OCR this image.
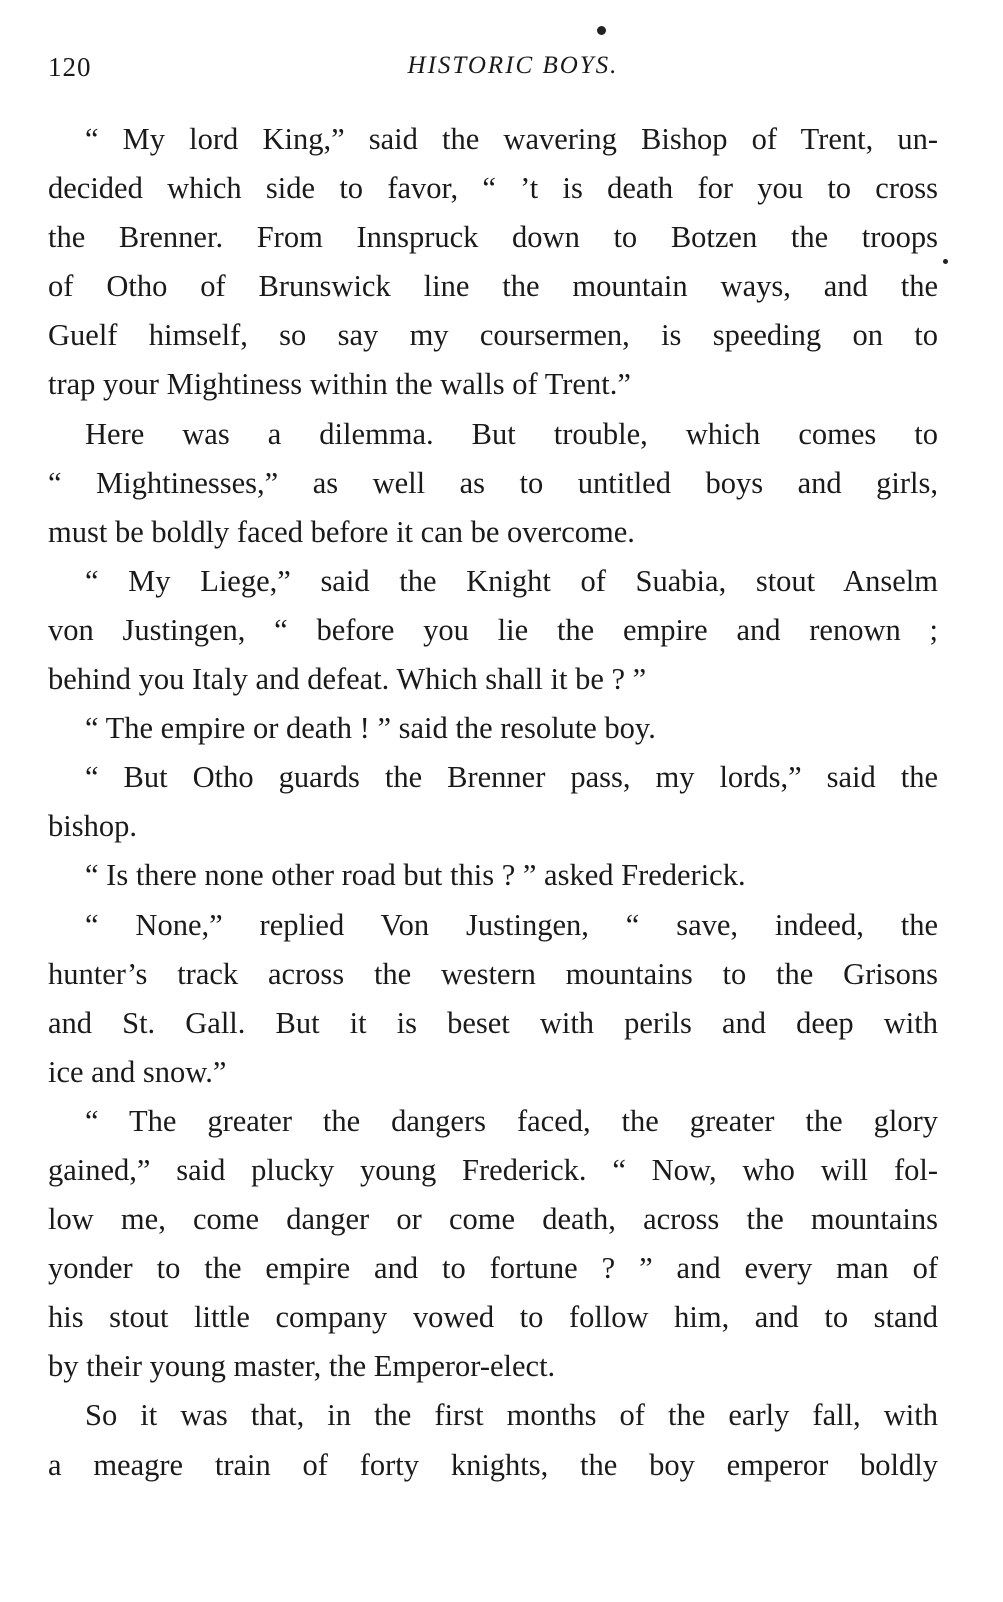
120	HISTORIC BOYS.
“ My lord King,” said the wavering Bishop of Trent, un-
decided which side to favor, “ ’t is death for you to cross
the Brenner. From Innspruck down to Botzen the troops
of Otho of Brunswick line the mountain ways, and the
Guelf himself, so say my coursermen, is speeding on to
trap your Mightiness within the walls of Trent.”
Here was a dilemma. But trouble, which comes to
“ Mightinesses,” as well as to untitled boys and girls,
must be boldly faced before it can be overcome.
“ My Liege,” said the Knight of Suabia, stout Anselm
von Justingen, “ before you lie the empire and renown ;
behind you Italy and defeat. Which shall it be ? ”
“ The empire or death ! ” said the resolute boy.
“ But Otho guards the Brenner pass, my lords,” said the
bishop.
“ Is there none other road but this ? ” asked Frederick.
“ None,” replied Von Justingen, “ save, indeed, the
hunter’s track across the western mountains to the Grisons
and St. Gall. But it is beset with perils and deep with
ice and snow.”
“ The greater the dangers faced, the greater the glory
gained,” said plucky young Frederick. “ Now, who will fol-
low me, come danger or come death, across the mountains
yonder to the empire and to fortune ? ” and every man of
his stout little company vowed to follow him, and to stand
by their young master, the Emperor-elect.
So it was that, in the first months of the early fall, with
a meagre train of forty knights, the boy emperor boldly
